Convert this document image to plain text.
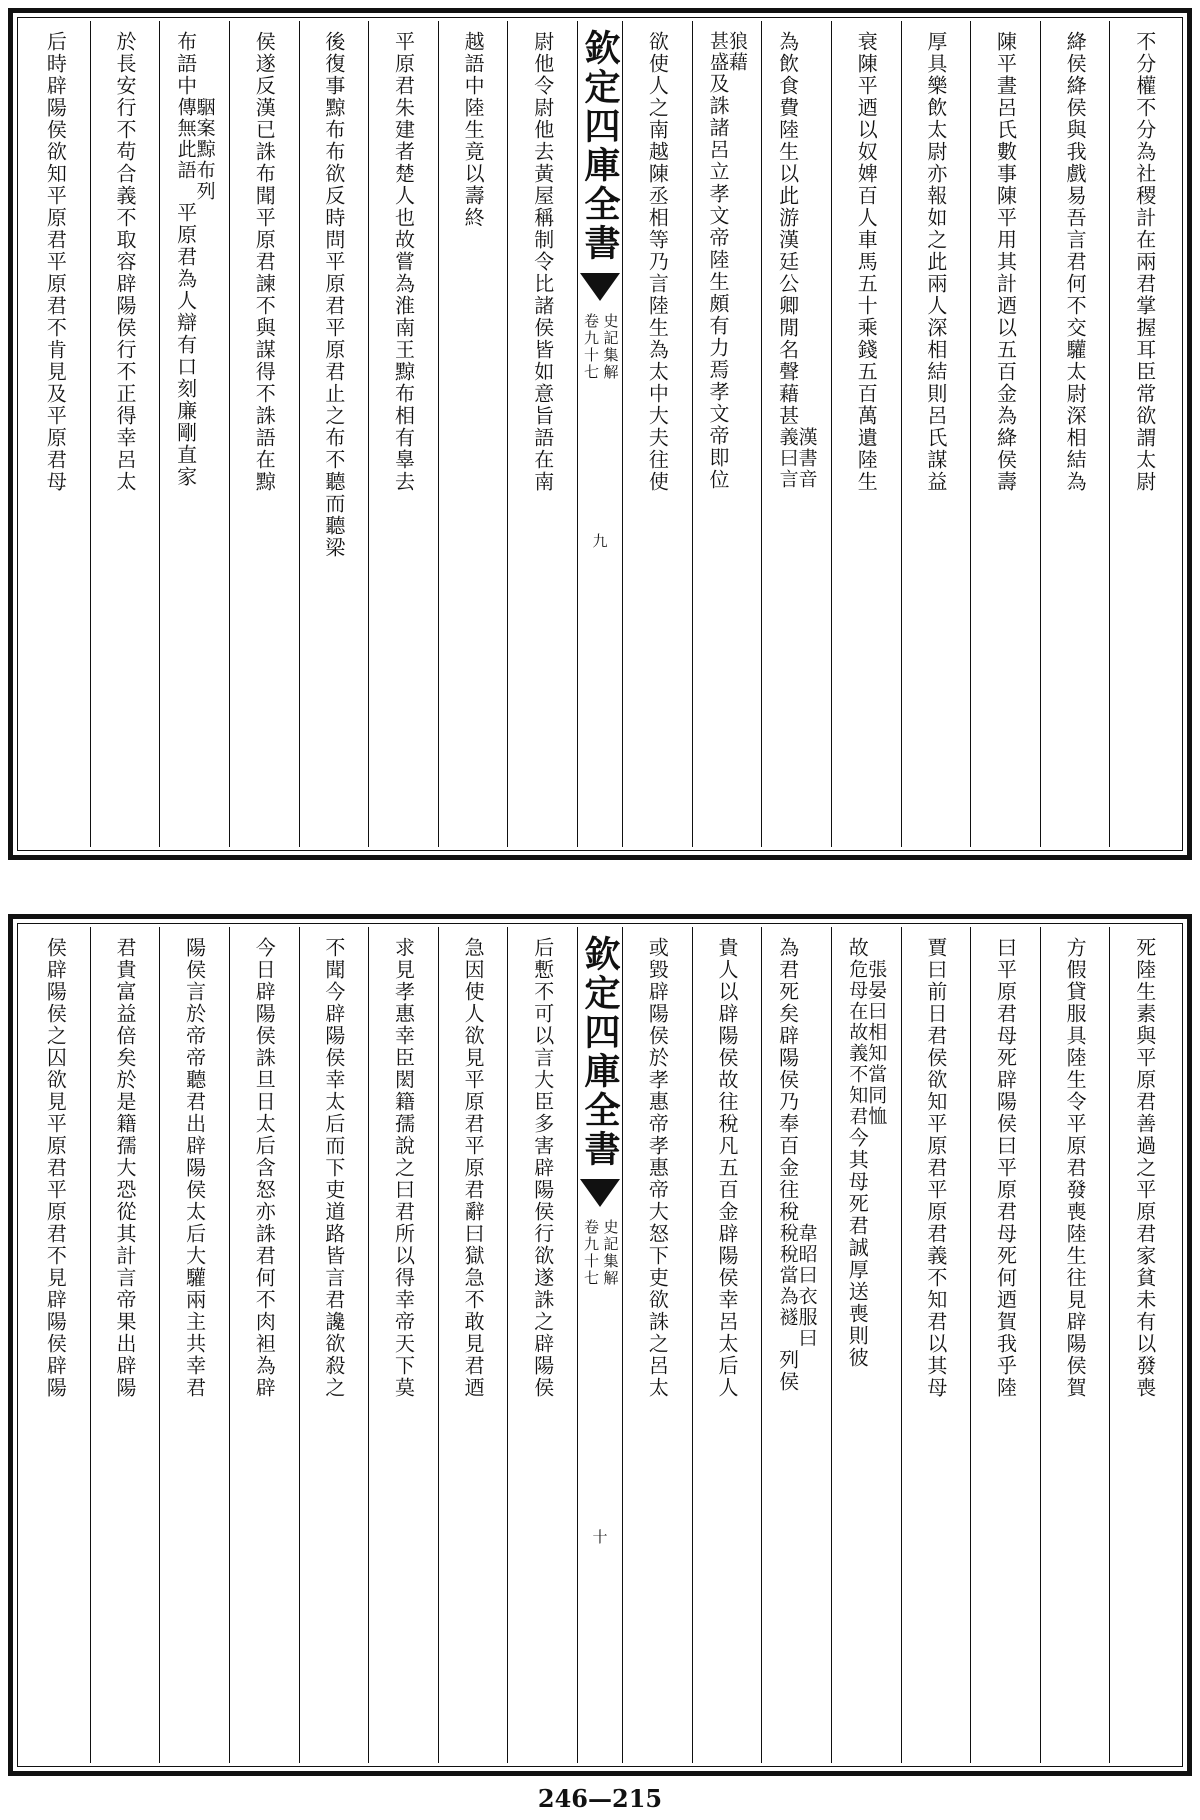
不分權不分為社稷計在兩君掌握耳臣常欲謂太尉
絳侯絳侯與我戲易吾言君何不交驩太尉深相結為
陳平晝呂氏數事陳平用其計迺以五百金為絳侯壽
厚具樂飲太尉亦報如之此兩人深相結則呂氏謀益
衰陳平迺以奴婢百人車馬五十乘錢五百萬遺陸生
為飲食費陸生以此游漢廷公卿閒名聲藉甚漢書音
義曰言
狼藉
甚盛及誅諸呂立孝文帝陸生頗有力焉孝文帝即位
欲使人之南越陳丞相等乃言陸生為太中大夫往使
欽定四庫全書
史記集解
卷九十七
九
尉他令尉他去黃屋稱制令比諸侯皆如意旨語在南
越語中陸生竟以壽終
平原君朱建者楚人也故嘗為淮南王黥布相有辠去
後復事黥布布欲反時問平原君平原君止之布不聽而聽梁
侯遂反漢已誅布聞平原君諫不與謀得不誅語在黥
布語中駰案黥布列
傳無此語平原君為人辯有口刻廉剛直家
於長安行不苟合義不取容辟陽侯行不正得幸呂太
后時辟陽侯欲知平原君平原君不肯見及平原君母
死陸生素與平原君善過之平原君家貧未有以發喪
方假貸服具陸生令平原君發喪陸生往見辟陽侯賀
曰平原君母死辟陽侯曰平原君母死何迺賀我乎陸
賈曰前日君侯欲知平原君平原君義不知君以其母
故張晏曰相知當同恤
危母在故義不知君今其母死君誠厚送喪則彼
為君死矣辟陽侯乃奉百金往稅韋昭曰衣服曰
稅稅當為襚列侯
貴人以辟陽侯故往稅凡五百金辟陽侯幸呂太后人
或毀辟陽侯於孝惠帝孝惠帝大怒下吏欲誅之呂太
欽定四庫全書
史記集解
卷九十七
十
后慙不可以言大臣多害辟陽侯行欲遂誅之辟陽侯
急因使人欲見平原君平原君辭曰獄急不敢見君迺
求見孝惠幸臣閎籍孺說之曰君所以得幸帝天下莫
不聞今辟陽侯幸太后而下吏道路皆言君讒欲殺之
今日辟陽侯誅旦日太后含怒亦誅君何不肉袒為辟
陽侯言於帝帝聽君出辟陽侯太后大驩兩主共幸君
君貴富益倍矣於是籍孺大恐從其計言帝果出辟陽
侯辟陽侯之囚欲見平原君平原君不見辟陽侯辟陽
246—215
